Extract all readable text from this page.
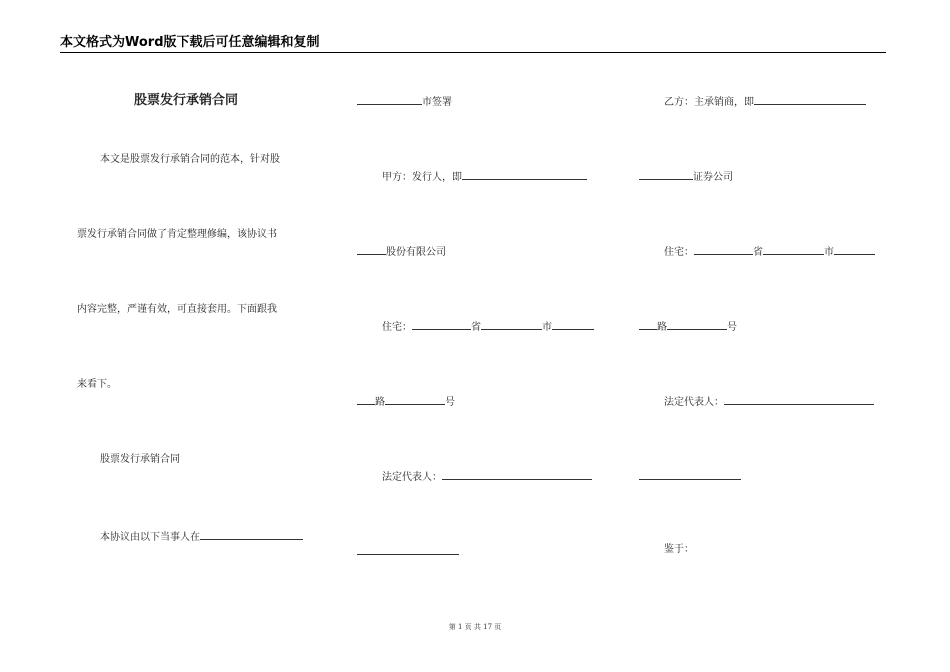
本文格式为Word版下载后可任意编辑和复制
股票发行承销合同
本文是股票发行承销合同的范本，针对股
票发行承销合同做了肯定整理修编，该协议书
内容完整，严谨有效，可直接套用。下面跟我
来看下。
股票发行承销合同
本协议由以下当事人在
市签署
甲方：发行人，即
股份有限公司
住宅：	省	市
路	号
法定代表人：
乙方：主承销商，即
证券公司
住宅：	省	市
路	号
法定代表人：
鉴于：
第 1 页 共 17 页
